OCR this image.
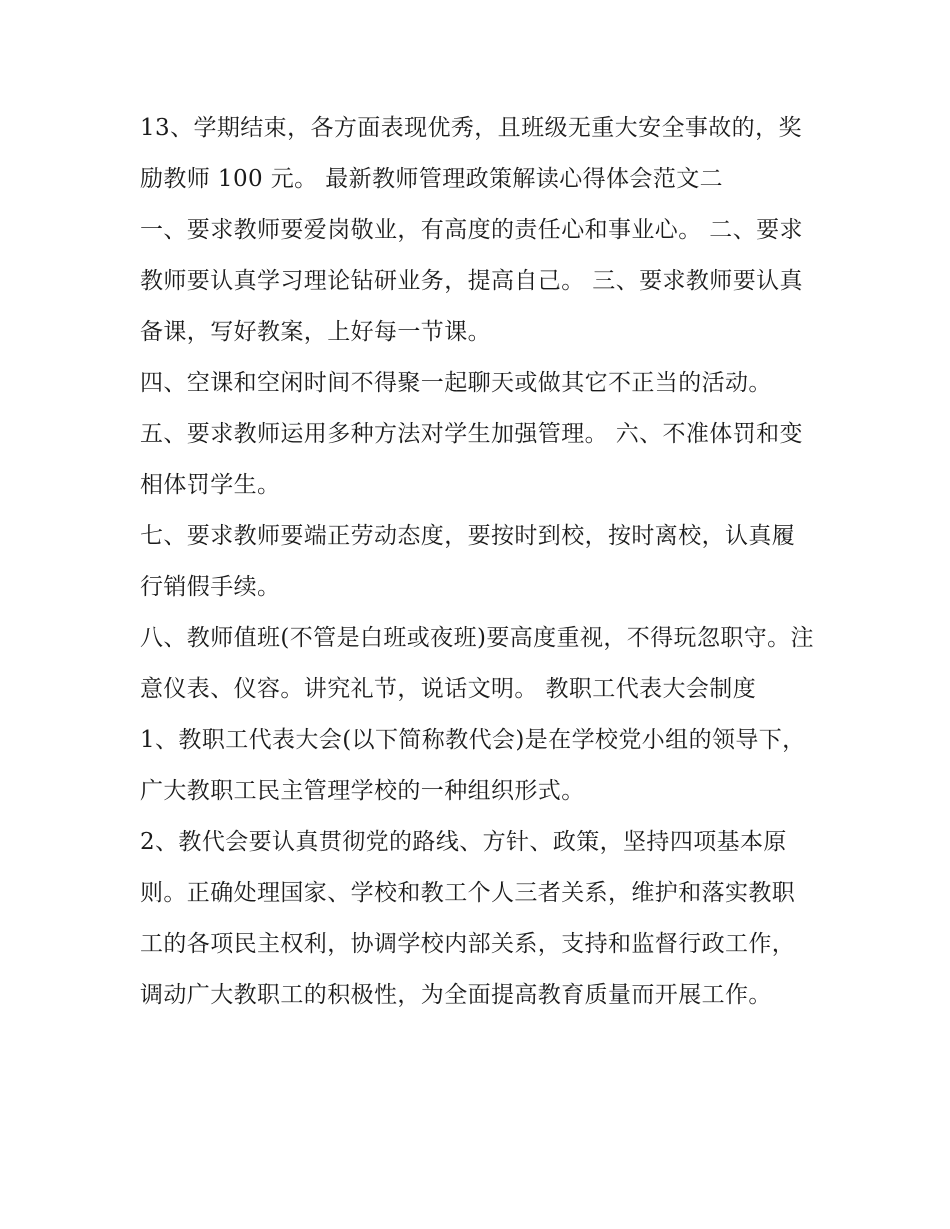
13、学期结束，各方面表现优秀，且班级无重大安全事故的，奖励教师 100 元。 最新教师管理政策解读心得体会范文二

一、要求教师要爱岗敬业，有高度的责任心和事业心。 二、要求教师要认真学习理论钻研业务，提高自己。 三、要求教师要认真备课，写好教案，上好每一节课。

四、空课和空闲时间不得聚一起聊天或做其它不正当的活动。

五、要求教师运用多种方法对学生加强管理。 六、不准体罚和变相体罚学生。

七、要求教师要端正劳动态度，要按时到校，按时离校，认真履行销假手续。

八、教师值班(不管是白班或夜班)要高度重视，不得玩忽职守。注意仪表、仪容。讲究礼节，说话文明。 教职工代表大会制度

1、教职工代表大会(以下简称教代会)是在学校党小组的领导下，广大教职工民主管理学校的一种组织形式。

2、教代会要认真贯彻党的路线、方针、政策，坚持四项基本原则。正确处理国家、学校和教工个人三者关系，维护和落实教职工的各项民主权利，协调学校内部关系，支持和监督行政工作，调动广大教职工的积极性，为全面提高教育质量而开展工作。
